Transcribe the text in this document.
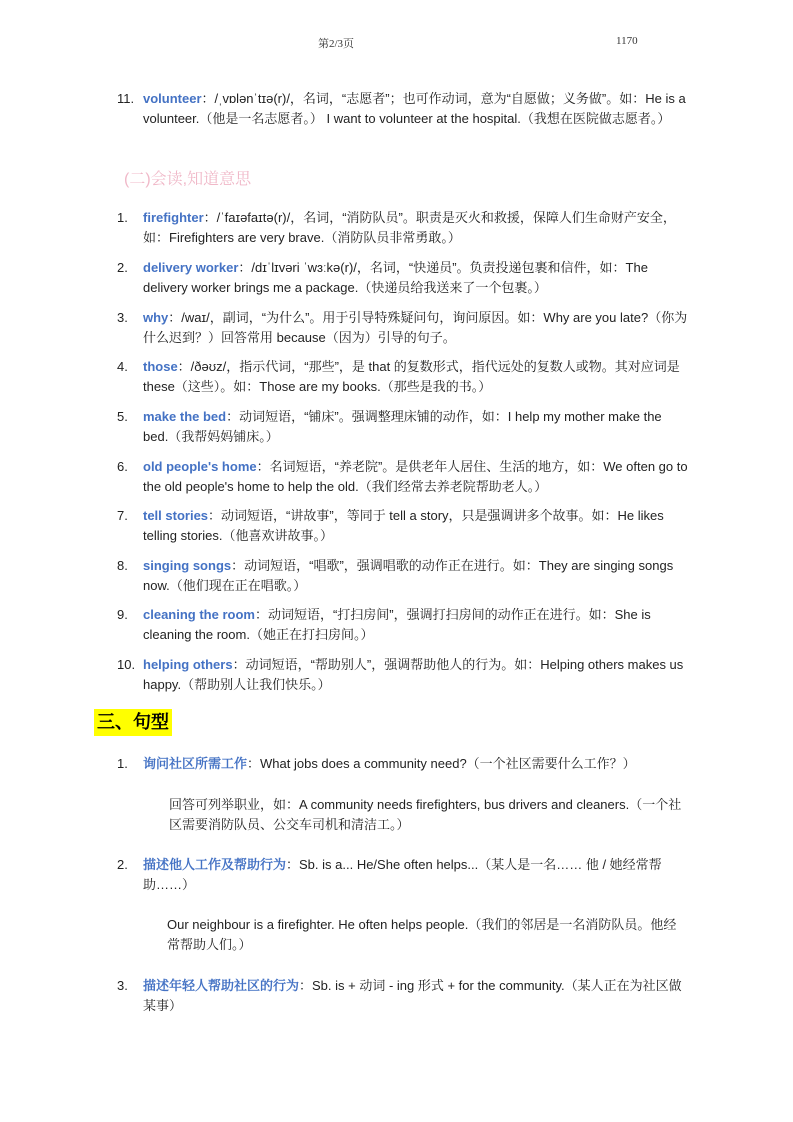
第2/3页	1170
11. volunteer：/ˌvɒlənˈtɪə(r)/，名词，“志愿者”；也可作动词，意为“自愿做；义务做”。如：He is a volunteer.（他是一名志愿者。） I want to volunteer at the hospital.（我想在医院做志愿者。）
(二)会读,知道意思
1. firefighter：/ˈfaɪəfaɪtə(r)/，名词，“消防队员”。职责是灭火和救援，保障人们生命财产安全，如：Firefighters are very brave.（消防队员非常勇敢。）
2. delivery worker：/dɪˈlɪvəri ˈwɜːkə(r)/，名词，“快递员”。负责投递包裹和信件，如：The delivery worker brings me a package.（快递员给我送来了一个包裹。）
3. why：/waɪ/，副词，“为什么”。用于引导特殊疑问句，询问原因。如：Why are you late?（你为什么迟到？）回答常用 because（因为）引导的句子。
4. those：/ðəʊz/，指示代词，“那些”，是 that 的复数形式，指代远处的复数人或物。其对应词是 these（这些）。如：Those are my books.（那些是我的书。）
5. make the bed：动词短语，“铺床”。强调整理床铺的动作，如：I help my mother make the bed.（我帮妈妈铺床。）
6. old people's home：名词短语，“养老院”。是供老年人居住、生活的地方，如：We often go to the old people's home to help the old.（我们经常去养老院帮助老人。）
7. tell stories：动词短语，“讲故事”，等同于 tell a story，只是强调讲多个故事。如：He likes telling stories.（他喜欢讲故事。）
8. singing songs：动词短语，“唱歌”，强调唱歌的动作正在进行。如：They are singing songs now.（他们现在正在唱歌。）
9. cleaning the room：动词短语，“打扫房间”，强调打扫房间的动作正在进行。如：She is cleaning the room.（她正在打扫房间。）
10. helping others：动词短语，“帮助别人”，强调帮助他人的行为。如：Helping others makes us happy.（帮助别人让我们快乐。）
三、句型
1. 询问社区所需工作：What jobs does a community need?（一个社区需要什么工作？）
回答可列举职业，如：A community needs firefighters, bus drivers and cleaners.（一个社区需要消防队员、公交车司机和清洁工。）
2. 描述他人工作及帮助行为：Sb. is a... He/She often helps...（某人是一名…… 他 / 她经常帮助……）
Our neighbour is a firefighter. He often helps people.（我们的邻居是一名消防队员。他经常帮助人们。）
3. 描述年轻人帮助社区的行为：Sb. is + 动词 - ing 形式 + for the community.（某人正在为社区做某事）
